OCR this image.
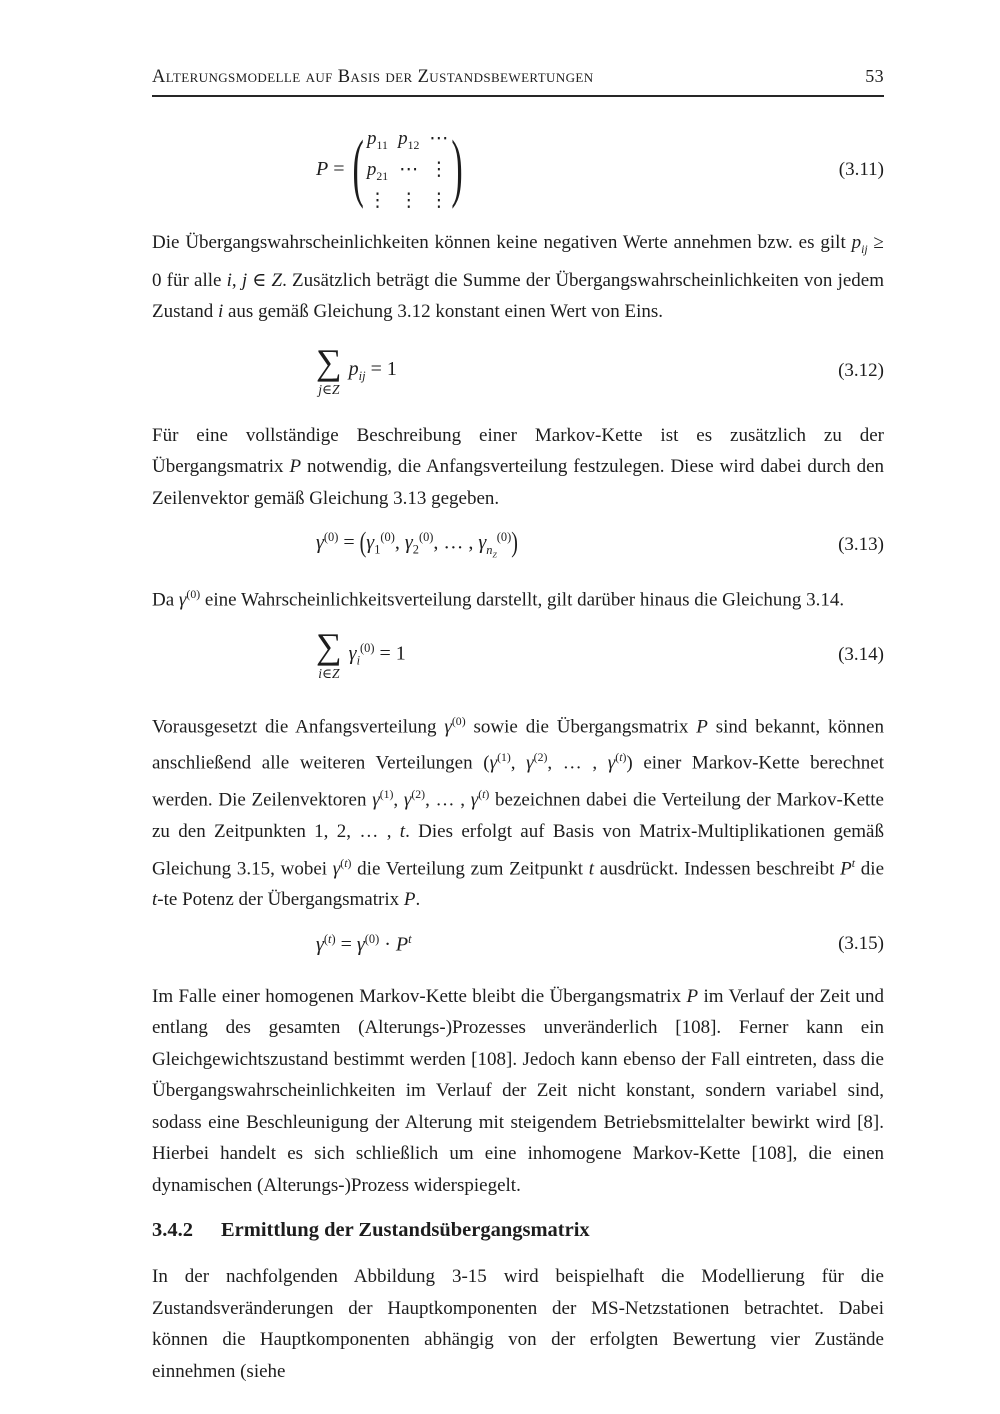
Alterungsmodelle auf Basis der Zustandsbewertungen	53
P = ( $p_{11}$ $p_{12}$ ⋯
$p_{21}$ ⋯ ⋮
⋮ ⋮ ⋮ )	(3.11)

Die Übergangswahrscheinlichkeiten können keine negativen Werte annehmen bzw. es gilt $p_{ij} \ge 0$ für alle i, j ∈ Z. Zusätzlich beträgt die Summe der Übergangswahrscheinlichkeiten von jedem Zustand i aus gemäß Gleichung 3.12 konstant einen Wert von Eins.

∑
j∈Z
$p_{ij} = 1$	(3.12)

Für eine vollständige Beschreibung einer Markov-Kette ist es zusätzlich zu der Übergangsmatrix P notwendig, die Anfangsverteilung festzulegen. Diese wird dabei durch den Zeilenvektor gemäß Gleichung 3.13 gegeben.

$\gamma^{(0)} = (\gamma_1^{(0)}$, $\gamma_2^{(0)}$, … , $\gamma_{n_Z}^{(0)}$)	(3.13)

Da $\gamma^{(0)}$ eine Wahrscheinlichkeitsverteilung darstellt, gilt darüber hinaus die Gleichung 3.14.

∑
i∈Z
$\gamma_i^{(0)} = 1$	(3.14)

Vorausgesetzt die Anfangsverteilung $\gamma^{(0)}$ sowie die Übergangsmatrix P sind bekannt, können anschließend alle weiteren Verteilungen ($\gamma^{(1)}$, $\gamma^{(2)}$, … , $\gamma^{(t)}$) einer Markov-Kette berechnet werden. Die Zeilenvektoren $\gamma^{(1)}$, $\gamma^{(2)}$, … , $\gamma^{(t)}$ bezeichnen dabei die Verteilung der Markov-Kette zu den Zeitpunkten 1, 2, … , t. Dies erfolgt auf Basis von Matrix-Multiplikationen gemäß Gleichung 3.15, wobei $\gamma^{(t)}$ die Verteilung zum Zeitpunkt t ausdrückt. Indessen beschreibt $P^t$ die t-te Potenz der Übergangsmatrix P.

$\gamma^{(t)} = \gamma^{(0)} \cdot P^t$	(3.15)

Im Falle einer homogenen Markov-Kette bleibt die Übergangsmatrix P im Verlauf der Zeit und entlang des gesamten (Alterungs-)Prozesses unveränderlich [108]. Ferner kann ein Gleichgewichtszustand bestimmt werden [108]. Jedoch kann ebenso der Fall eintreten, dass die Übergangswahrscheinlichkeiten im Verlauf der Zeit nicht konstant, sondern variabel sind, sodass eine Beschleunigung der Alterung mit steigendem Betriebsmittelalter bewirkt wird [8]. Hierbei handelt es sich schließlich um eine inhomogene Markov-Kette [108], die einen dynamischen (Alterungs-)Prozess widerspiegelt.

3.4.2 Ermittlung der Zustandsübergangsmatrix

In der nachfolgenden Abbildung 3-15 wird beispielhaft die Modellierung für die Zustandsveränderungen der Hauptkomponenten der MS-Netzstationen betrachtet. Dabei können die Hauptkomponenten abhängig von der erfolgten Bewertung vier Zustände einnehmen (siehe
